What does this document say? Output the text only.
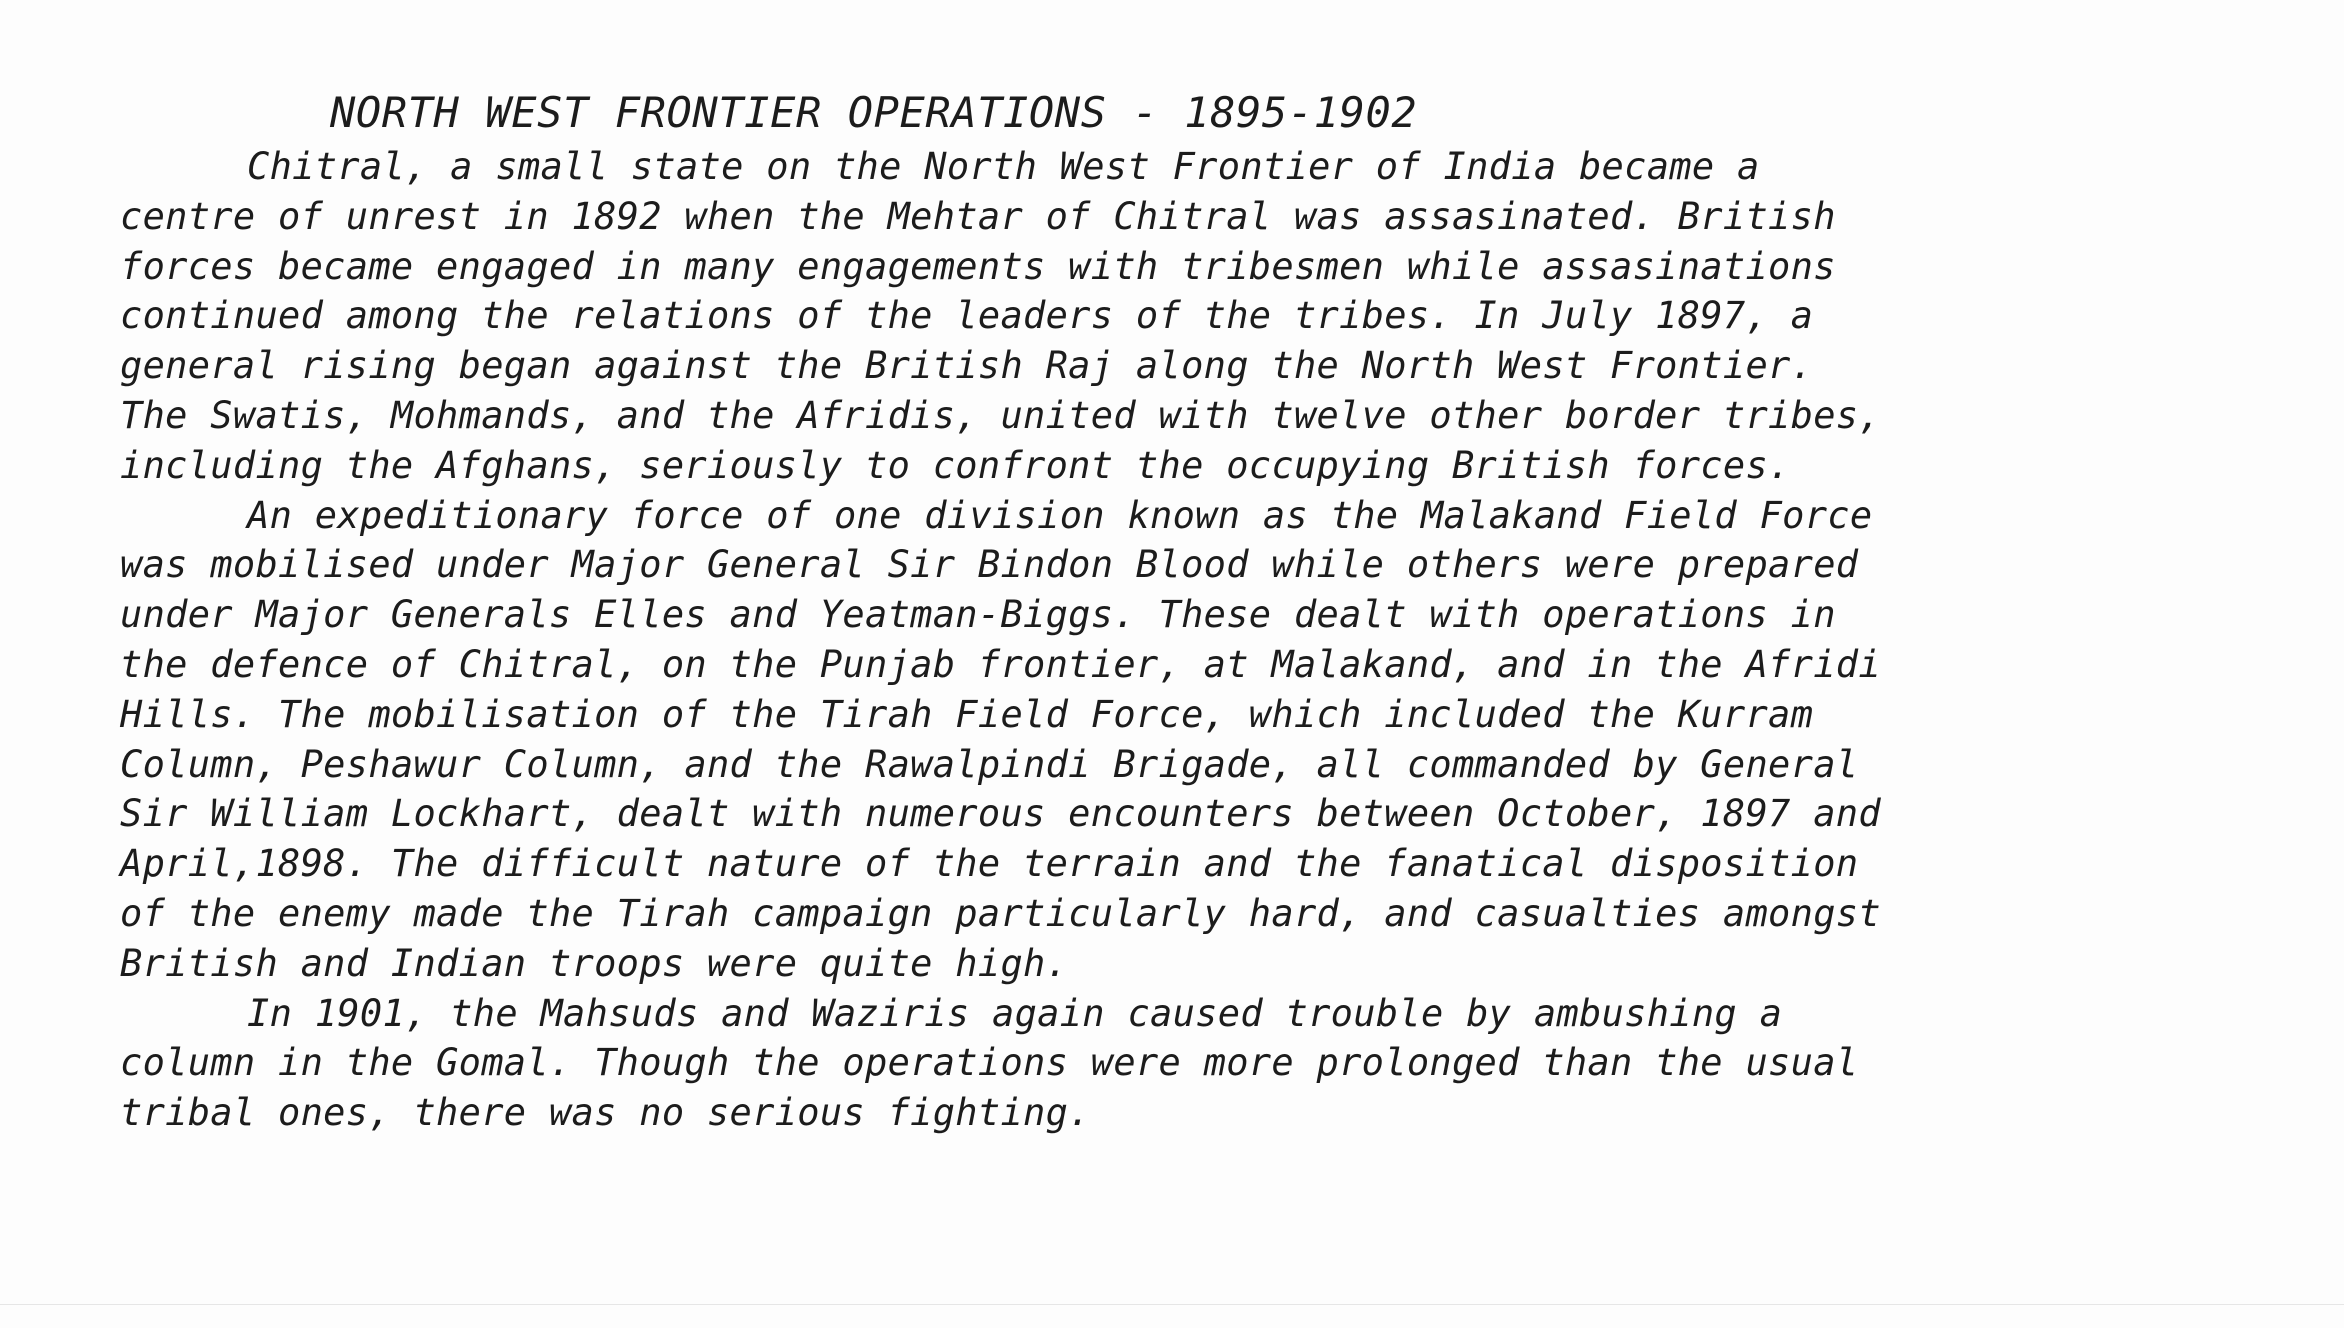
NORTH WEST FRONTIER OPERATIONS - 1895-1902
Chitral, a small state on the North West Frontier of India became a
centre of unrest in 1892 when the Mehtar of Chitral was assasinated. British
forces became engaged in many engagements with tribesmen while assasinations
continued among the relations of the leaders of the tribes. In July 1897, a
general rising began against the British Raj along the North West Frontier.
The Swatis, Mohmands, and the Afridis, united with twelve other border tribes,
including the Afghans, seriously to confront the occupying British forces.
An expeditionary force of one division known as the Malakand Field Force
was mobilised under Major General Sir Bindon Blood while others were prepared
under Major Generals Elles and Yeatman-Biggs. These dealt with operations in
the defence of Chitral, on the Punjab frontier, at Malakand, and in the Afridi
Hills. The mobilisation of the Tirah Field Force, which included the Kurram
Column, Peshawur Column, and the Rawalpindi Brigade, all commanded by General
Sir William Lockhart, dealt with numerous encounters between October, 1897 and
April,1898. The difficult nature of the terrain and the fanatical disposition
of the enemy made the Tirah campaign particularly hard, and casualties amongst
British and Indian troops were quite high.
In 1901, the Mahsuds and Waziris again caused trouble by ambushing a
column in the Gomal. Though the operations were more prolonged than the usual
tribal ones, there was no serious fighting.
